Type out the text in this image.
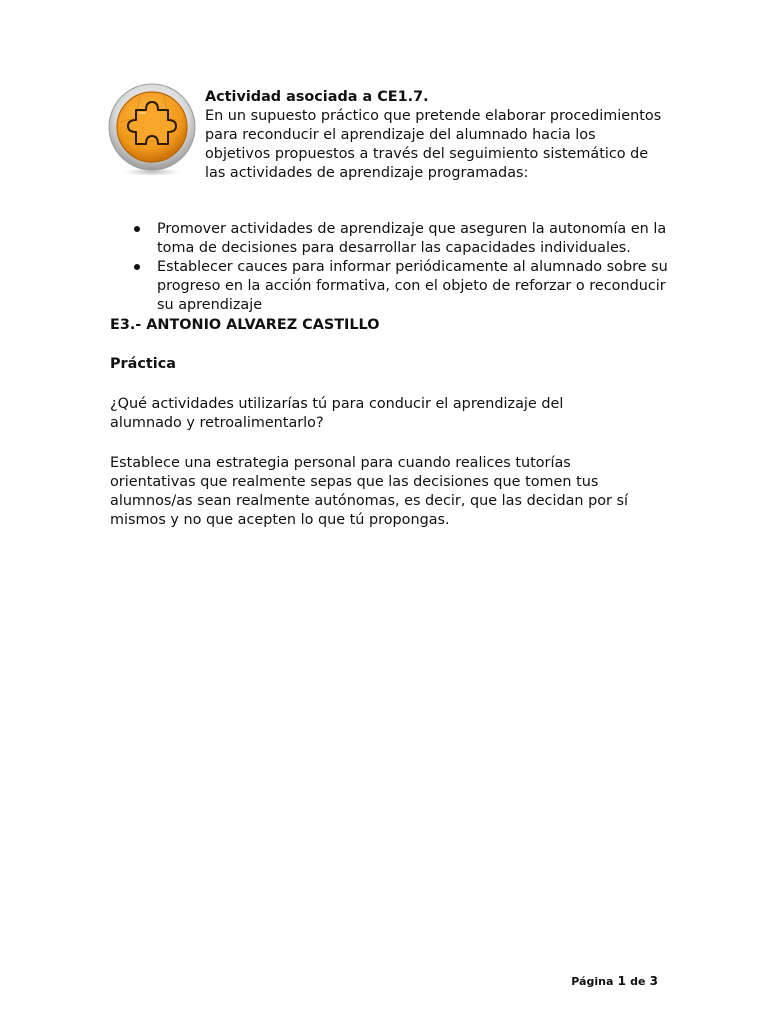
Actividad asociada a CE1.7.

En un supuesto práctico que pretende elaborar procedimientos para reconducir el aprendizaje del alumnado hacia los objetivos propuestos a través del seguimiento sistemático de las actividades de aprendizaje programadas:

Promover actividades de aprendizaje que aseguren la autonomía en la toma de decisiones para desarrollar las capacidades individuales.
Establecer cauces para informar periódicamente al alumnado sobre su progreso en la acción formativa, con el objeto de reforzar o reconducir su aprendizaje

E3.- ANTONIO ALVAREZ CASTILLO

Práctica

¿Qué actividades utilizarías tú para conducir el aprendizaje del alumnado y retroalimentarlo?

Establece una estrategia personal para cuando realices tutorías orientativas que realmente sepas que las decisiones que tomen tus alumnos/as sean realmente autónomas, es decir, que las decidan por sí mismos y no que acepten lo que tú propongas.

Página 1 de 3
